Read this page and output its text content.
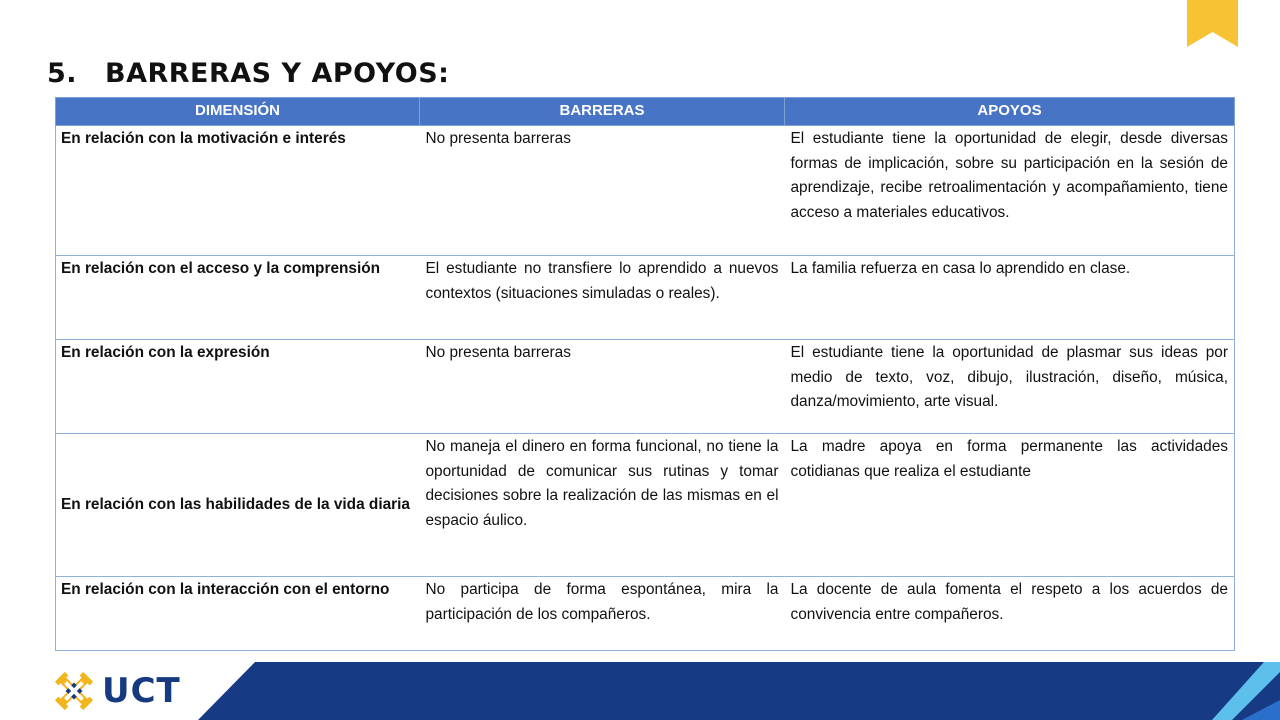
5. BARRERAS Y APOYOS:
DIMENSIÓN	BARRERAS	APOYOS
En relación con la motivación e interés	No presenta barreras	El estudiante tiene la oportunidad de elegir, desde diversas formas de implicación, sobre su participación en la sesión de aprendizaje, recibe retroalimentación y acompañamiento, tiene acceso a materiales educativos.
En relación con el acceso y la comprensión	El estudiante no transfiere lo aprendido a nuevos contextos (situaciones simuladas o reales).	La familia refuerza en casa lo aprendido en clase.
En relación con la expresión	No presenta barreras	El estudiante tiene la oportunidad de plasmar sus ideas por medio de texto, voz, dibujo, ilustración, diseño, música, danza/movimiento, arte visual.
En relación con las habilidades de la vida diaria	No maneja el dinero en forma funcional, no tiene la oportunidad de comunicar sus rutinas y tomar decisiones sobre la realización de las mismas en el espacio áulico.	La madre apoya en forma permanente las actividades cotidianas que realiza el estudiante
En relación con la interacción con el entorno	No participa de forma espontánea, mira la participación de los compañeros.	La docente de aula fomenta el respeto a los acuerdos de convivencia entre compañeros.
UCT
